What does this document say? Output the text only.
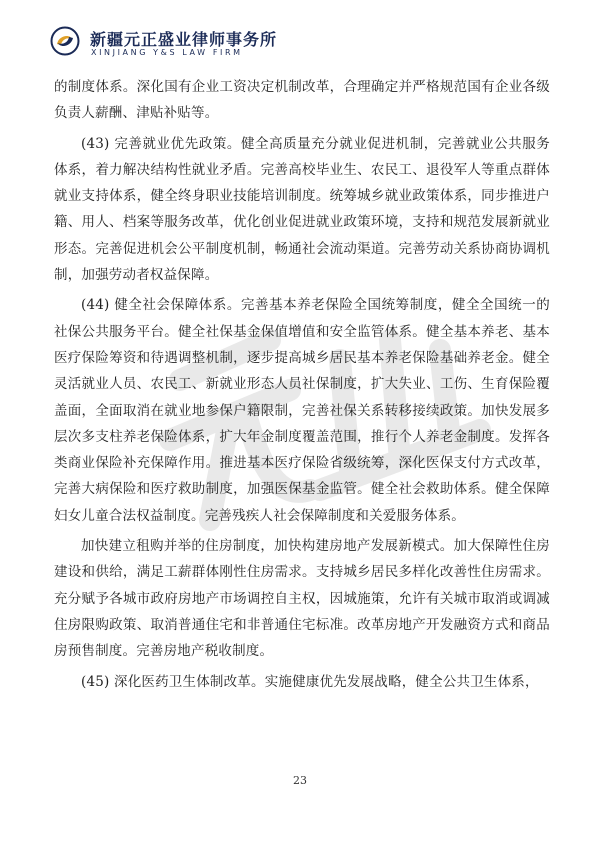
新疆元正盛业律师事务所
XINJIANG Y&S LAW FIRM

的制度体系。深化国有企业工资决定机制改革，合理确定并严格规范国有企业各级负责人薪酬、津贴补贴等。

(43) 完善就业优先政策。健全高质量充分就业促进机制，完善就业公共服务体系，着力解决结构性就业矛盾。完善高校毕业生、农民工、退役军人等重点群体就业支持体系，健全终身职业技能培训制度。统筹城乡就业政策体系，同步推进户籍、用人、档案等服务改革，优化创业促进就业政策环境，支持和规范发展新就业形态。完善促进机会公平制度机制，畅通社会流动渠道。完善劳动关系协商协调机制，加强劳动者权益保障。

(44) 健全社会保障体系。完善基本养老保险全国统筹制度，健全全国统一的社保公共服务平台。健全社保基金保值增值和安全监管体系。健全基本养老、基本医疗保险筹资和待遇调整机制，逐步提高城乡居民基本养老保险基础养老金。健全灵活就业人员、农民工、新就业形态人员社保制度，扩大失业、工伤、生育保险覆盖面，全面取消在就业地参保户籍限制，完善社保关系转移接续政策。加快发展多层次多支柱养老保险体系，扩大年金制度覆盖范围，推行个人养老金制度。发挥各类商业保险补充保障作用。推进基本医疗保险省级统筹，深化医保支付方式改革，完善大病保险和医疗救助制度，加强医保基金监管。健全社会救助体系。健全保障妇女儿童合法权益制度。完善残疾人社会保障制度和关爱服务体系。

加快建立租购并举的住房制度，加快构建房地产发展新模式。加大保障性住房建设和供给，满足工薪群体刚性住房需求。支持城乡居民多样化改善性住房需求。充分赋予各城市政府房地产市场调控自主权，因城施策，允许有关城市取消或调减住房限购政策、取消普通住宅和非普通住宅标准。改革房地产开发融资方式和商品房预售制度。完善房地产税收制度。

(45) 深化医药卫生体制改革。实施健康优先发展战略，健全公共卫生体系，

23
